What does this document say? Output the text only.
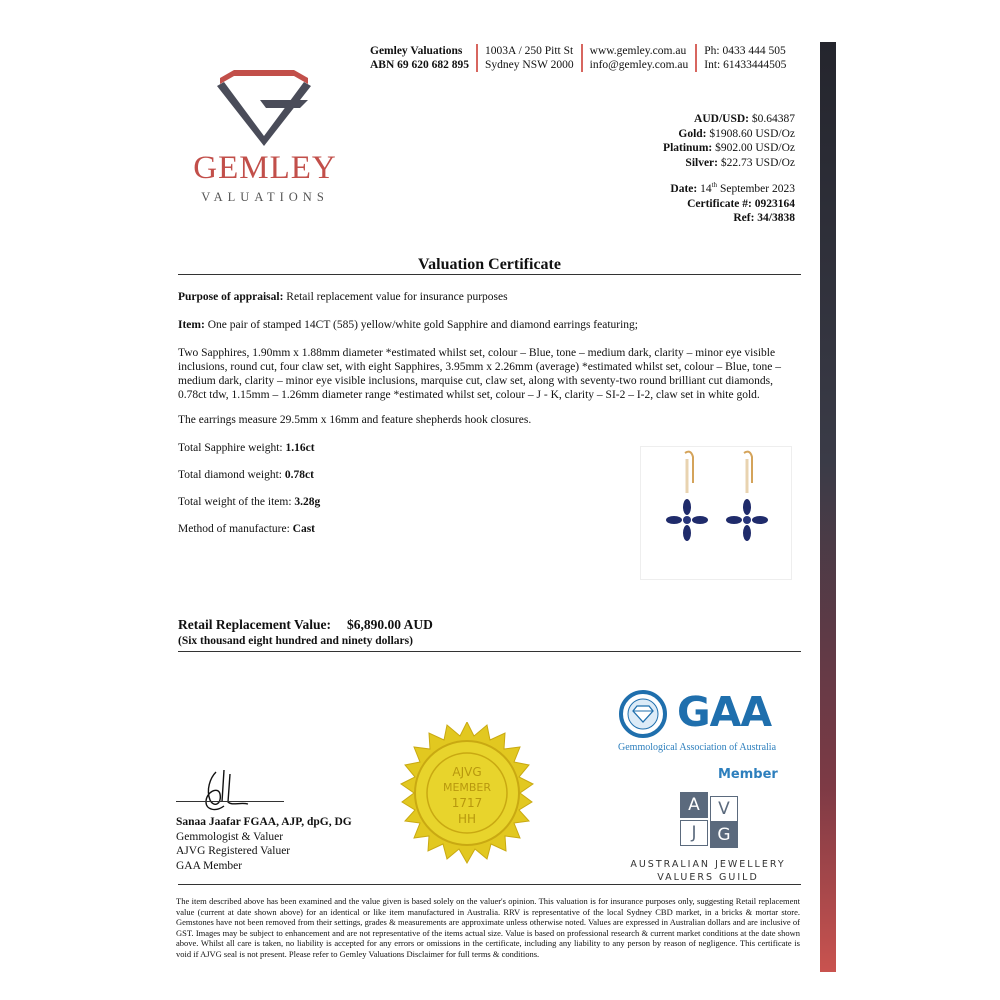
Gemley Valuations
ABN 69 620 682 895
1003A / 250 Pitt St
Sydney NSW 2000
www.gemley.com.au
info@gemley.com.au
Ph: 0433 444 505
Int: 61433444505
GEMLEY
VALUATIONS
AUD/USD: $0.64387
Gold: $1908.60 USD/Oz
Platinum: $902.00 USD/Oz
Silver: $22.73 USD/Oz
Date: 14th September 2023
Certificate #: 0923164
Ref: 34/3838
Valuation Certificate
Purpose of appraisal: Retail replacement value for insurance purposes
Item: One pair of stamped 14CT (585) yellow/white gold Sapphire and diamond earrings featuring;
Two Sapphires, 1.90mm x 1.88mm diameter *estimated whilst set, colour – Blue, tone – medium dark, clarity – minor eye visible inclusions, round cut, four claw set, with eight Sapphires, 3.95mm x 2.26mm (average) *estimated whilst set, colour – Blue, tone – medium dark, clarity – minor eye visible inclusions, marquise cut, claw set, along with seventy-two round brilliant cut diamonds, 0.78ct tdw, 1.15mm – 1.26mm diameter range *estimated whilst set, colour – J - K, clarity – SI-2 – I-2, claw set in white gold.
The earrings measure 29.5mm x 16mm and feature shepherds hook closures.
Total Sapphire weight: 1.16ct
Total diamond weight: 0.78ct
Total weight of the item: 3.28g
Method of manufacture: Cast
Retail Replacement Value: $6,890.00 AUD
(Six thousand eight hundred and ninety dollars)
AJVG
MEMBER
1717
HH
Sanaa Jaafar FGAA, AJP, dpG, DG
Gemmologist & Valuer
AJVG Registered Valuer
GAA Member
GAA
Gemmological Association of Australia
Member
A	V
J	G
AUSTRALIAN JEWELLERY
VALUERS GUILD
The item described above has been examined and the value given is based solely on the valuer's opinion. This valuation is for insurance purposes only, suggesting Retail replacement value (current at date shown above) for an identical or like item manufactured in Australia. RRV is representative of the local Sydney CBD market, in a bricks & mortar store. Gemstones have not been removed from their settings, grades & measurements are approximate unless otherwise noted. Values are expressed in Australian dollars and are inclusive of GST. Images may be subject to enhancement and are not representative of the items actual size. Value is based on professional research & current market conditions at the date shown above. Whilst all care is taken, no liability is accepted for any errors or omissions in the certificate, including any liability to any person by reason of negligence. This certificate is void if AJVG seal is not present. Please refer to Gemley Valuations Disclaimer for full terms & conditions.
